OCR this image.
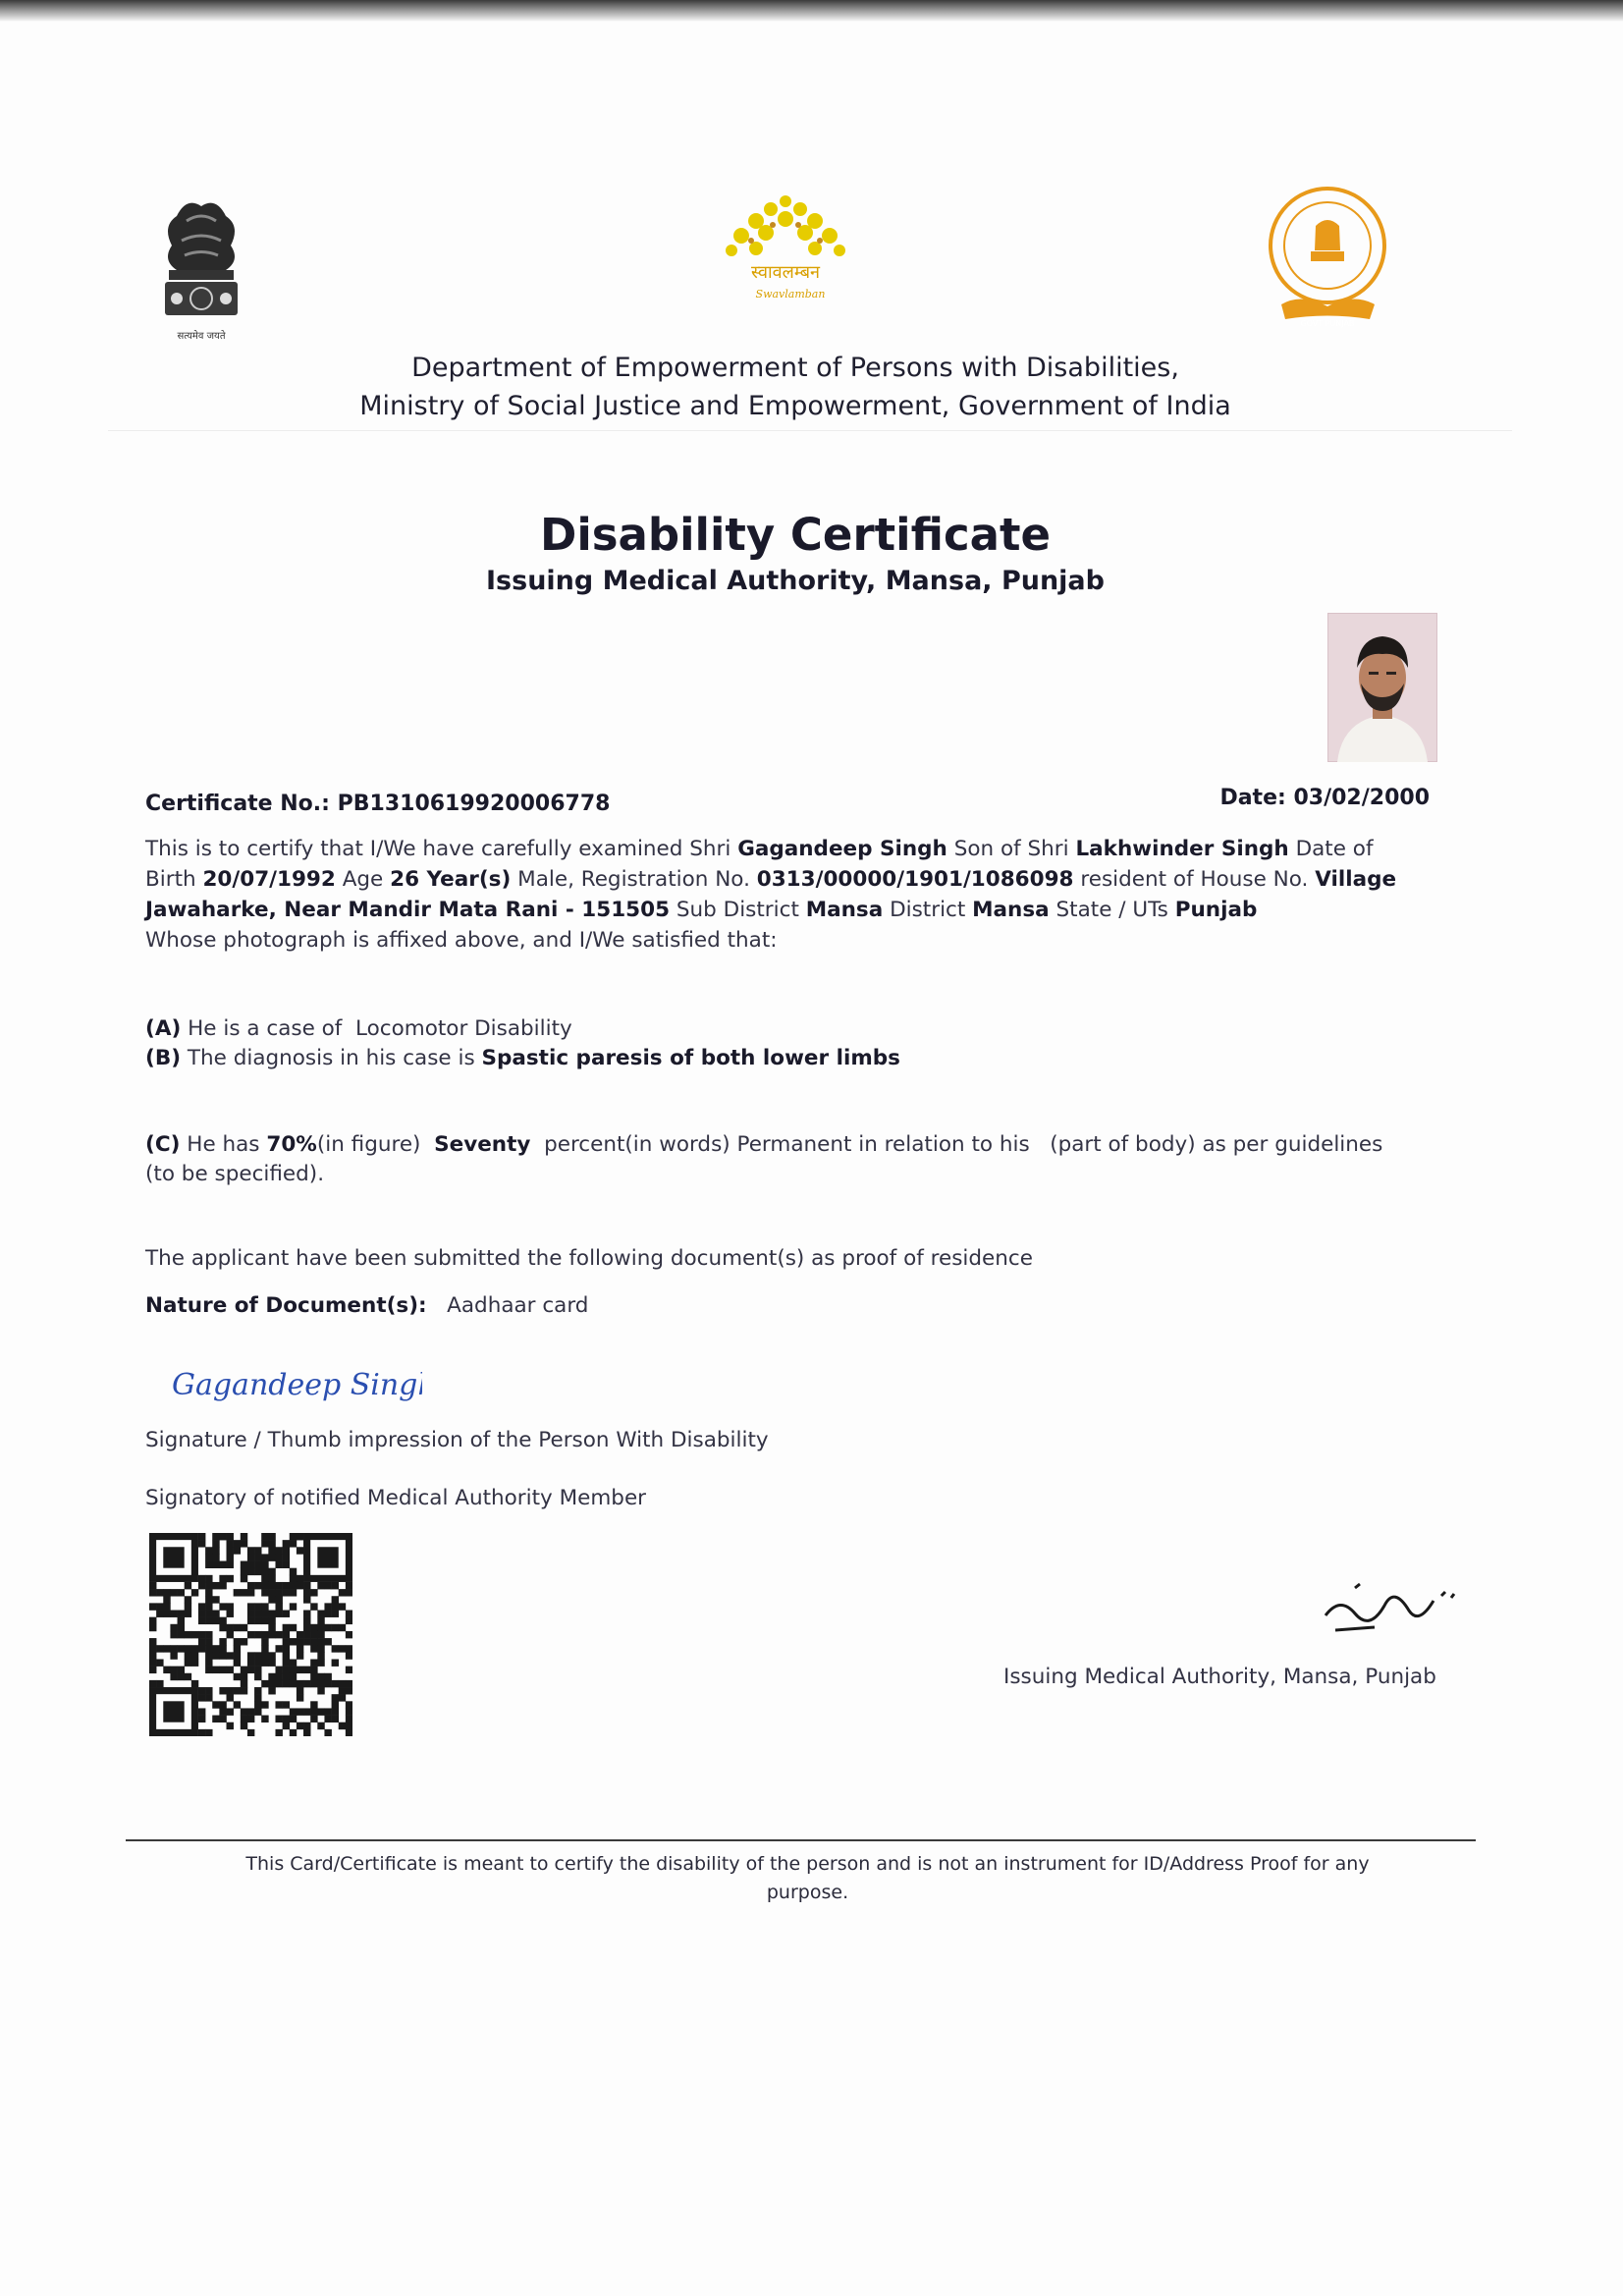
सत्यमेव जयते
स्वावलम्बन
Swavlamban
GOVT PUNJAB
Department of Empowerment of Persons with Disabilities,
Ministry of Social Justice and Empowerment, Government of India
Disability Certificate
Issuing Medical Authority, Mansa, Punjab
Certificate No.: PB1310619920006778	Date: 03/02/2000
This is to certify that I/We have carefully examined Shri Gagandeep Singh Son of Shri Lakhwinder Singh Date of
Birth 20/07/1992 Age 26 Year(s) Male, Registration No. 0313/00000/1901/1086098 resident of House No. Village
Jawaharke, Near Mandir Mata Rani - 151505 Sub District Mansa District Mansa State / UTs Punjab
Whose photograph is affixed above, and I/We satisfied that:
(A) He is a case of Locomotor Disability
(B) The diagnosis in his case is Spastic paresis of both lower limbs
(C) He has 70%(in figure) Seventy percent(in words) Permanent in relation to his (part of body) as per guidelines
(to be specified).
The applicant have been submitted the following document(s) as proof of residence
Nature of Document(s): Aadhaar card
Gagandeep Singh
Signature / Thumb impression of the Person With Disability
Signatory of notified Medical Authority Member
Issuing Medical Authority, Mansa, Punjab
This Card/Certificate is meant to certify the disability of the person and is not an instrument for ID/Address Proof for any
purpose.
